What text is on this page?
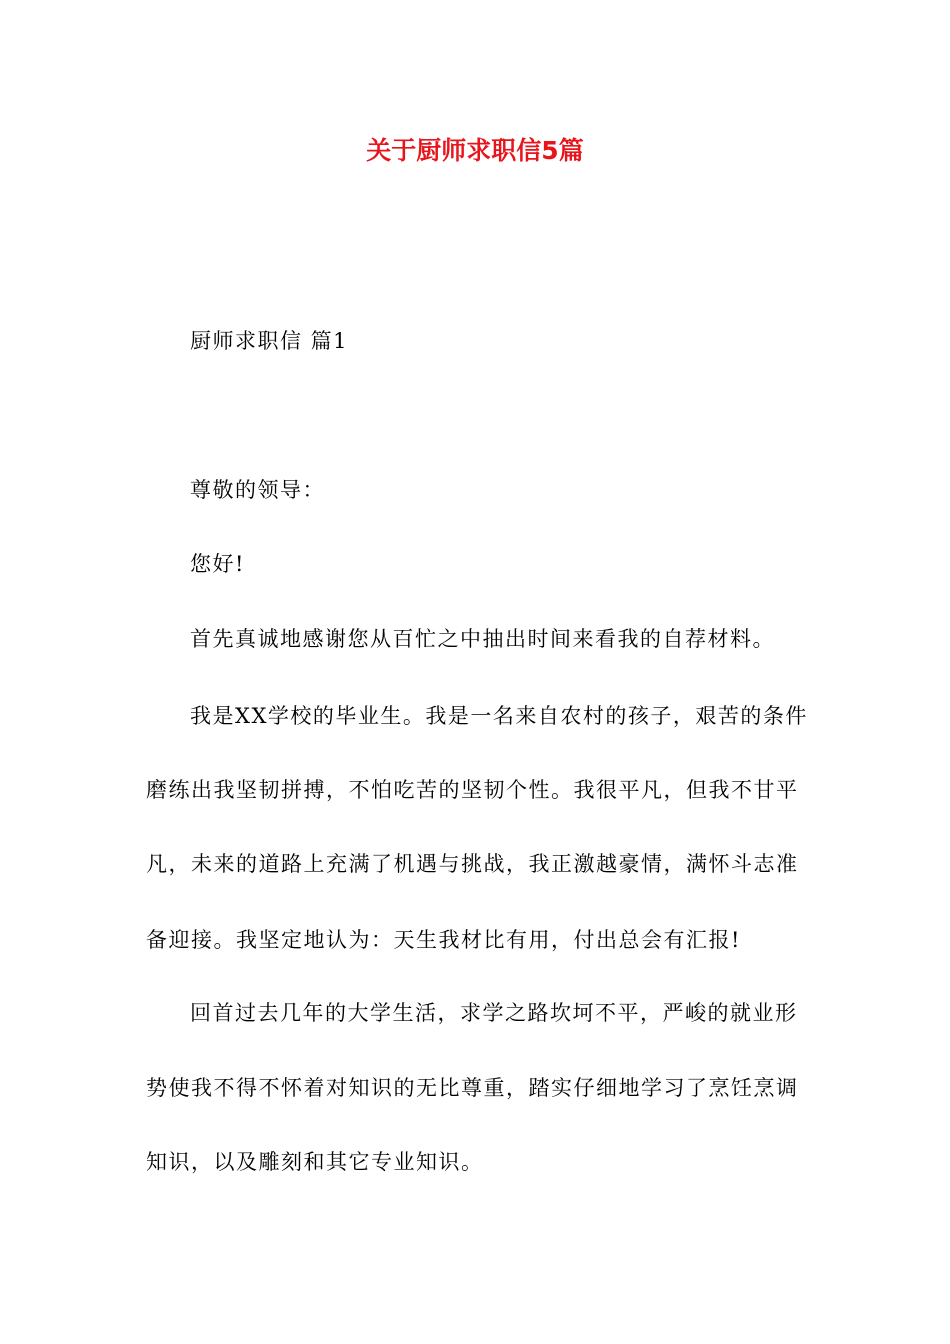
关于厨师求职信5篇
厨师求职信 篇1
尊敬的领导：
您好!
首先真诚地感谢您从百忙之中抽出时间来看我的自荐材料。
我是XX学校的毕业生。我是一名来自农村的孩子，艰苦的条件
磨练出我坚韧拼搏，不怕吃苦的坚韧个性。我很平凡，但我不甘平
凡，未来的道路上充满了机遇与挑战，我正激越豪情，满怀斗志准
备迎接。我坚定地认为：天生我材比有用，付出总会有汇报!
回首过去几年的大学生活，求学之路坎坷不平，严峻的就业形
势使我不得不怀着对知识的无比尊重，踏实仔细地学习了烹饪烹调
知识，以及雕刻和其它专业知识。
